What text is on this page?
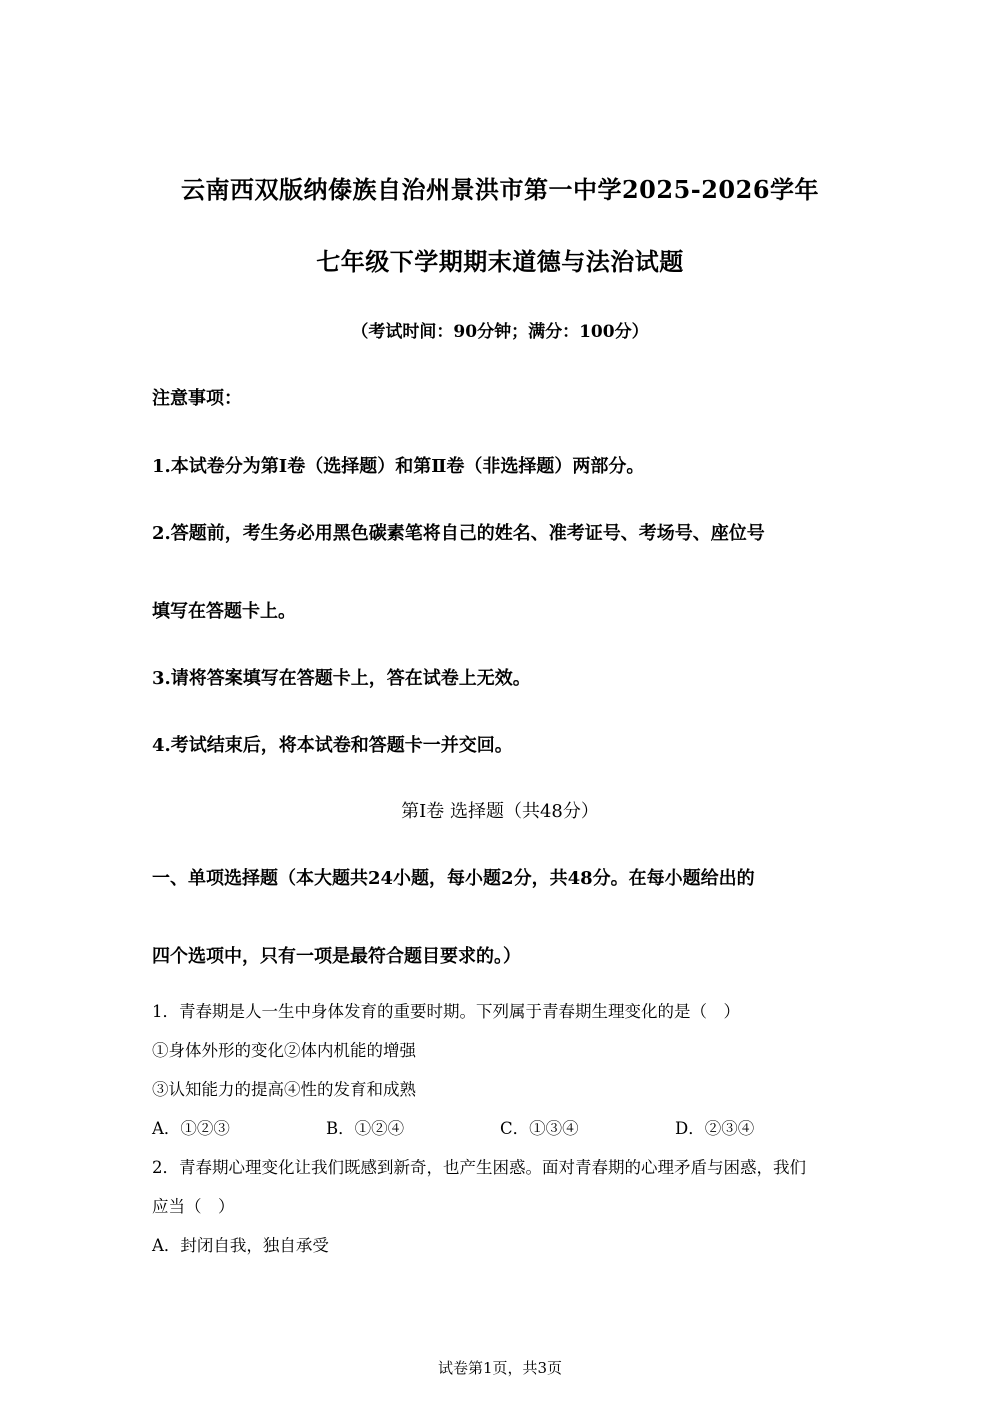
云南西双版纳傣族自治州景洪市第一中学2025-2026学年
七年级下学期期末道德与法治试题
（考试时间：90分钟；满分：100分）
注意事项：
1.本试卷分为第Ⅰ卷（选择题）和第Ⅱ卷（非选择题）两部分。
2.答题前，考生务必用黑色碳素笔将自己的姓名、准考证号、考场号、座位号
填写在答题卡上。
3.请将答案填写在答题卡上，答在试卷上无效。
4.考试结束后，将本试卷和答题卡一并交回。
第Ⅰ卷 选择题（共48分）
一、单项选择题（本大题共24小题，每小题2分，共48分。在每小题给出的
四个选项中，只有一项是最符合题目要求的。）
1．青春期是人一生中身体发育的重要时期。下列属于青春期生理变化的是（　）
①身体外形的变化②体内机能的增强
③认知能力的提高④性的发育和成熟
A．①②③	B．①②④	C．①③④	D．②③④
2．青春期心理变化让我们既感到新奇，也产生困惑。面对青春期的心理矛盾与困惑，我们
应当（　）
A．封闭自我，独自承受
试卷第1页，共3页
